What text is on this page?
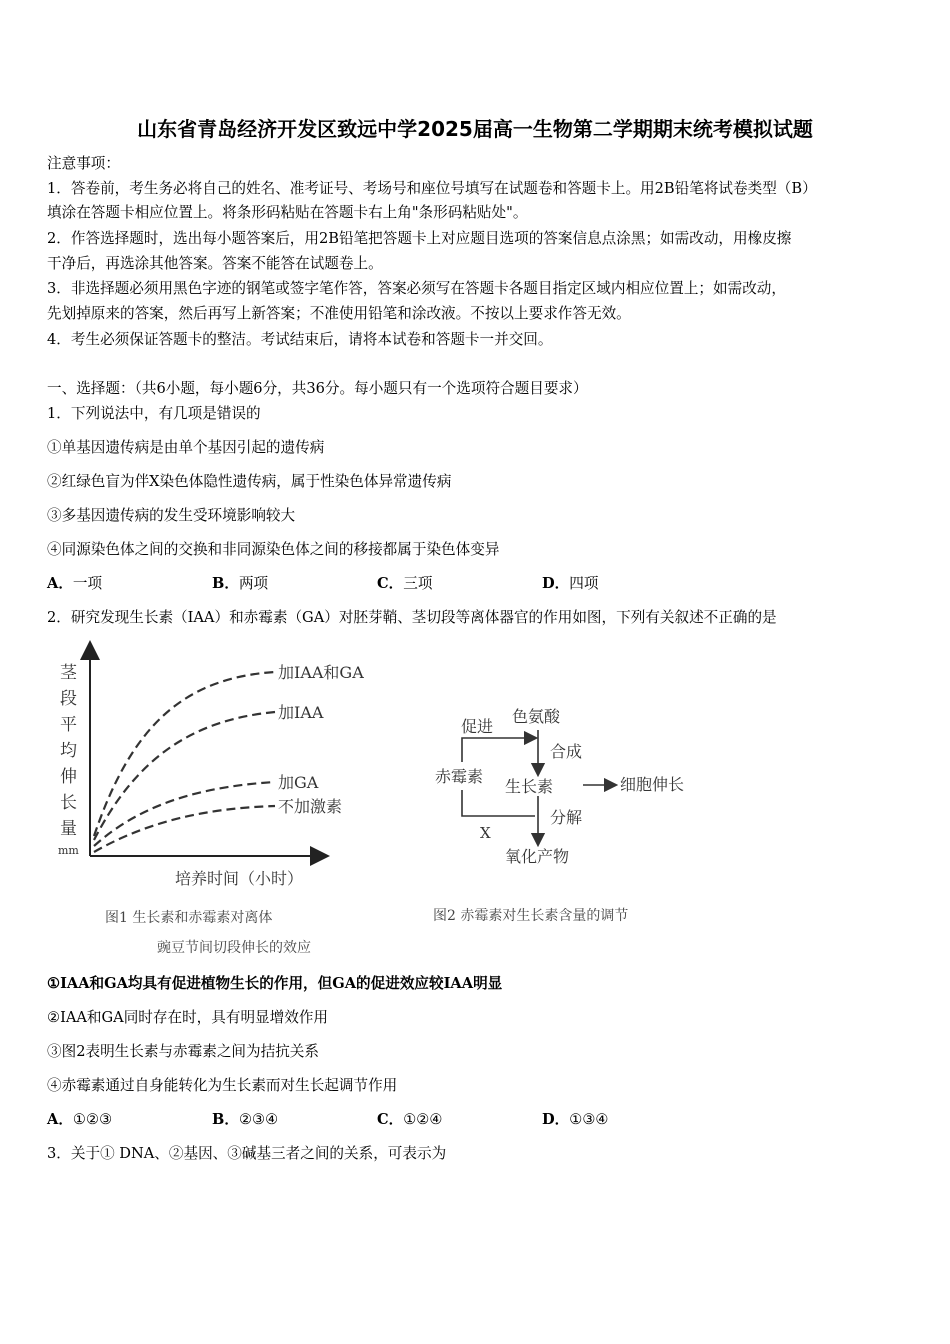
山东省青岛经济开发区致远中学2025届高一生物第二学期期末统考模拟试题
注意事项：
1．答卷前，考生务必将自己的姓名、准考证号、考场号和座位号填写在试题卷和答题卡上。用2B铅笔将试卷类型（B）
填涂在答题卡相应位置上。将条形码粘贴在答题卡右上角"条形码粘贴处"。
2．作答选择题时，选出每小题答案后，用2B铅笔把答题卡上对应题目选项的答案信息点涂黑；如需改动，用橡皮擦
干净后，再选涂其他答案。答案不能答在试题卷上。
3．非选择题必须用黑色字迹的钢笔或签字笔作答，答案必须写在答题卡各题目指定区域内相应位置上；如需改动，
先划掉原来的答案，然后再写上新答案；不准使用铅笔和涂改液。不按以上要求作答无效。
4．考生必须保证答题卡的整洁。考试结束后，请将本试卷和答题卡一并交回。
一、选择题：（共6小题，每小题6分，共36分。每小题只有一个选项符合题目要求）
1．下列说法中，有几项是错误的
①单基因遗传病是由单个基因引起的遗传病
②红绿色盲为伴X染色体隐性遗传病，属于性染色体异常遗传病
③多基因遗传病的发生受环境影响较大
④同源染色体之间的交换和非同源染色体之间的移接都属于染色体变异
A．一项	B．两项	C．三项	D．四项
2．研究发现生长素（IAA）和赤霉素（GA）对胚芽鞘、茎切段等离体器官的作用如图，下列有关叙述不正确的是
茎
段
平
均
伸
长
量
mm
加IAA和GA
加IAA
加GA
不加激素
培养时间（小时）
图1 生长素和赤霉素对离体
豌豆节间切段伸长的效应
赤霉素
色氨酸
促进
合成
生长素	细胞伸长
分解
X
氧化产物
图2 赤霉素对生长素含量的调节
①IAA和GA均具有促进植物生长的作用，但GA的促进效应较IAA明显
②IAA和GA同时存在时，具有明显增效作用
③图2表明生长素与赤霉素之间为拮抗关系
④赤霉素通过自身能转化为生长素而对生长起调节作用
A．①②③	B．②③④	C．①②④	D．①③④
3．关于① DNA、②基因、③碱基三者之间的关系，可表示为
